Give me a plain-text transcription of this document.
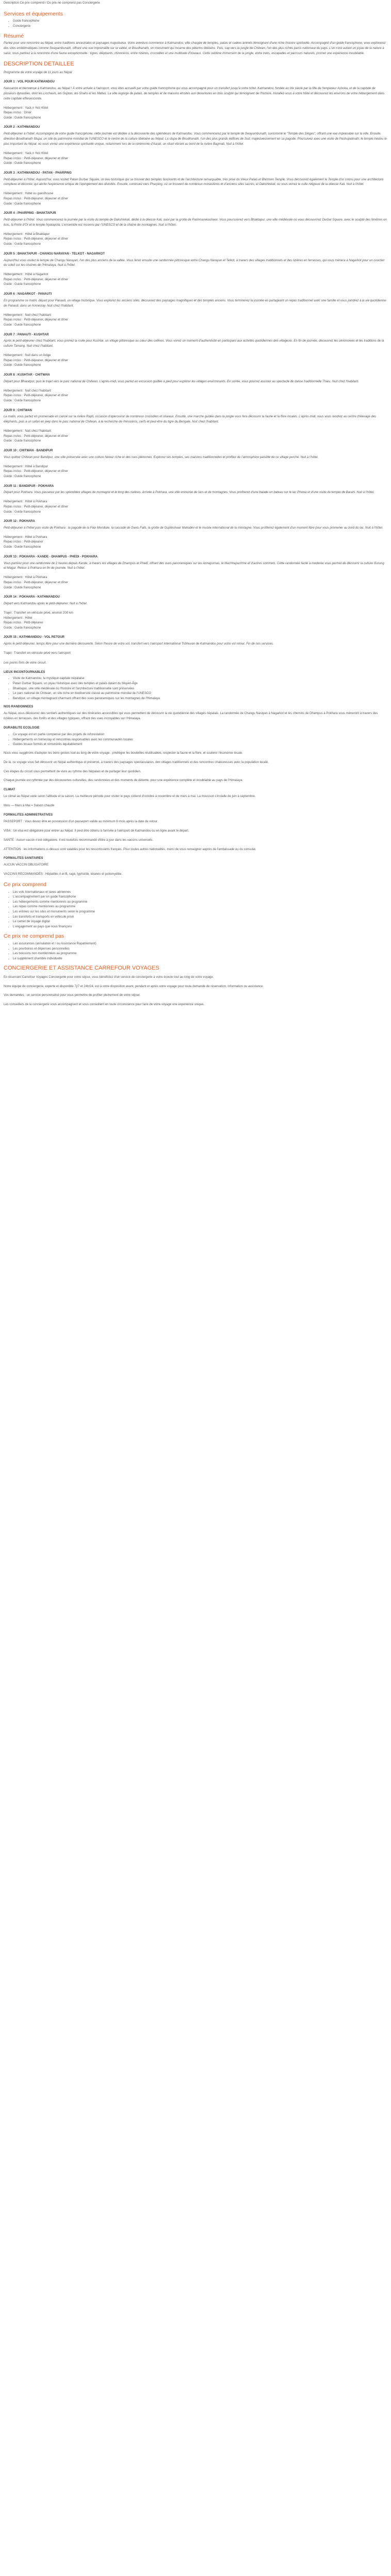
Description Ce prix comprend / Ce prix ne comprend pas Conciergerie
Services et équipements
• Guide francophone
• Conciergerie
Résumé

Partez pour une rencontre au Népal, entre traditions ancestrales et paysages majestueux. Votre aventure commence à Katmandou, ville chargée de temples, palais et cadres animés témoignant d'une riche histoire spirituelle. Accompagné d'un guide francophone, vous explorerez des sites emblématiques comme Swayambunath, offrant une vue imprenable sur la vallée, et Boudhanath, un monument qui incarne des pèlerins tibétains. Puis, cap vers la jungle de Chitwan, l'un des plus riches parcs nationaux du pays. L'un n'est autant un joyau de la nature à saisir, vous partirez à la rencontre d'une faune exceptionnelle : tigres, éléphants, rhinocéros, entre rizières, crocodiles et une multitude d'oiseaux. Cette sublime immersion de la jungle, entre treks, escapades et parcours naturels, promet une expérience inoubliable.

DESCRIPTION DETAILLEE

Programme de votre voyage de 11 jours au Népal

JOUR 1 : VOL POUR KATMANDOU

Naissance et bienvenue à Katmandou, au Népal ! À votre arrivée à l'aéroport, vous êtes accueilli par votre guide francophone qui vous accompagné pour un transfert jusqu'à votre hôtel. Katmandou, fondée au IIIe siècle par la fille de l'empereur Ashoka, et de la capitale de plusieurs dynasties, dont les Licchavis, les Guptas, les Shahs et les Mallas. La ville regorge de palais, de temples et de maisons étroites aux devantures en bois sculpté qui témoignent de l'histoire. Installez-vous à votre hôtel et découvrez les environs de votre hébergement dans cette capitale effervescente.

Hébergement : Yack n Yeti Hôtel
Repas inclus : Dîner
Guide : Guide francophone
JOUR 2 : KATHMANDOU

Petit-déjeuner à l'hôtel. Accompagné de votre guide francophone, cette journée est dédiée à la découverte des splendeurs de Katmandou. Vous commencerez par le temple de Swayambunath, surnommé le "Temple des Singes", offrant une vue imprenable sur la ville. Ensuite, direction Boudhanath Stupa, un site du patrimoine mondial de l'UNESCO et le centre de la culture tibétaine au Népal. La stupa de Boudhanath, l'un des plus grands édifices de Sud, majestueusement en sa pagode. Poursuivez avec une visite de Pashupatinath, le temple hindou le plus important du Népal, où vous vivrez une expérience spirituelle unique, notamment lors de la cérémonie d'Aarati, un rituel vibrant au bord de la rivière Bagmati. Nuit à l'hôtel.

Hébergement : Yack n Yeti Hôtel
Repas inclus : Petit-déjeuner, déjeuner et dîner
Guide : Guide francophone
JOUR 3 : KATHMANDOU - PATAN - PHARPING

Petit-déjeuner à l'hôtel. Aujourd'hui, vous visitez Patan Durbar Square, un lieu historique qui se trouvait des temples fascinants et de l'architecture remarquable, très prisé du Vieux Palais et Bhimsen Temple. Vous découvrez également le Temple d'or connu pour une architecture complexe et décorée, qui abrite l'expérience unique de l'épinglement des divinités. Ensuite, continuez vers Pharping, où se trouvent de nombreux monastères et d'anciens sites sacrés, et Dakshinkali, où vous verrez le culte religieux de la déesse Kali. Nuit à l'hôtel.

Hébergement : Hotel ou guesthouse
Repas inclus : Petit-déjeuner, déjeuner et dîner
Guide : Guide francophone
JOUR 4 : PHARPING - BHAKTAPUR

Petit-déjeuner à l'hôtel. Vous commencerez la journée par la visite du temple de Dakshinkali, dédié à la déesse Kali, suivi par la grotte de Pashmarekashwor. Vous poursuivrez vers Bhaktapur, une ville médiévale où vous découvrirez Durbar Square, avec le sculpté des fenêtres en bois, la Porte d'Or et le temple Nyatapola. L'ensemble est reconnu par l'UNESCO et de la chaîne de montagnes. Nuit à l'hôtel.

Hébergement : Hôtel à Bhaktapur
Repas inclus : Petit-déjeuner, déjeuner et dîner
Guide : Guide francophone
JOUR 5 : BHAKTAPUR - CHANGU NARAYAN - TELKOT - NAGARKOT

Aujourd'hui vous visitez le temple de Changu Narayan, l'un des plus anciens de la vallée. Vous ferez ensuite une randonnée pittoresque entre Changu Narayan et Telkot, à travers des villages traditionnels et des rizières en terrasses, qui vous mènera à Nagarkot pour un coucher du soleil sur les chaînes de l'Himalaya. Nuit à l'hôtel.

Hébergement : Hôtel à Nagarkot
Repas inclus : Petit-déjeuner, déjeuner et dîner
Guide : Guide francophone
JOUR 6 : NAGARKOT - PANAUTI

En programme ce matin, départ pour Panauti, un village historique. Vous explorez les anciens sites, découvrez des paysages magnifiques et des temples anciens. Vous terminerez la journée en partageant un repas traditionnel avec une famille et vous joindrez à la vie quotidienne de Panauti, dans un homestay. Nuit chez l'habitant.

Hébergement : Nuit chez l'habitant
Repas inclus : Petit-déjeuner, déjeuner et dîner
Guide : Guide francophone
JOUR 7 : PANAUTI - KUSHTAR

Après le petit-déjeuner chez l'habitant, vous prenez la route pour Kushtar, un village pittoresque au cœur des collines. Vous vivrez un moment d'authenticité en participant aux activités quotidiennes des villageois. En fin de journée, découvrez les cérémonies et les traditions de la culture Tamang. Nuit chez l'habitant.

Hébergement : Nuit dans un lodge
Repas inclus : Petit-déjeuner, déjeuner et dîner
Guide : Guide francophone
JOUR 8 : KUSHTAR - CHITWAN

Départ pour Bharatpur, puis le trajet vers le parc national de Chitwan. L'après-midi, vous partez en excursion guidée à pied pour explorer les villages environnants. En soirée, vous pourrez assister au spectacle de danse traditionnelle Tharu. Nuit chez l'habitant.

Hébergement : Nuit chez l'habitant
Repas inclus : Petit-déjeuner, déjeuner et dîner
Guide : Guide francophone
JOUR 9 : CHITWAN

Le matin, vous partez en promenade en canoë sur la rivière Rapti, occasion d'apercevoir de nombreux crocodiles et oiseaux. Ensuite, une marche guidée dans la jungle vous fera découvrir la faune et la flore locales. L'après-midi, vous vous rendrez au centre d'élevage des éléphants, puis à un safari en jeep dans le parc national de Chitwan, à la recherche de rhinocéros, cerfs et peut-être du tigre du Bengale. Nuit chez l'habitant.

Hébergement : Nuit chez l'habitant
Repas inclus : Petit-déjeuner, déjeuner et dîner
Guide : Guide francophone
JOUR 10 : CHITWAN - BANDIPUR

Vous quittez Chitwan pour Bandipur, une ville préservée avec une culture Newar riche et des rues piétonnes. Explorez ses temples, ses maisons traditionnelles et profitez de l'atmosphère paisible de ce village perché. Nuit à l'hôtel.

Hébergement : Hôtel à Bandipur
Repas inclus : Petit-déjeuner, déjeuner et dîner
Guide : Guide francophone
JOUR 11 : BANDIPUR - POKHARA

Départ pour Pokhara. Vous passerez par les splendides villages de montagne et le long des rivières. Arrivée à Pokhara, une ville entourée de lacs et de montagnes. Vous profiterez d'une balade en bateau sur le lac Phewa et d'une visite du temple de Barahi. Nuit à l'hôtel.

Hébergement : Hôtel à Pokhara
Repas inclus : Petit-déjeuner, déjeuner et dîner
Guide : Guide francophone
JOUR 12 : POKHARA

Petit-déjeuner à l'hôtel puis visite de Pokhara : la pagode de la Paix Mondiale, la cascade de Davis Falls, la grotte de Gupteshwar Mahadev et le musée international de la montagne. Vous profiterez également d'un moment libre pour vous promener au bord du lac. Nuit à l'hôtel.

Hébergement : Hôtel à Pokhara
Repas inclus : Petit-déjeuner
Guide : Guide francophone
JOUR 13 : POKHARA - KANDE - DHAMPUS - PHEDI - POKHARA

Vous partirez pour une randonnée de 2 heures depuis Kande, à travers les villages de Dhampus et Phedi, offrant des vues panoramiques sur les Annapurnas, le Machhapuchhre et d'autres sommets. Cette randonnée facile à modérée vous permet de découvrir la culture Gurung et Magar. Retour à Pokhara en fin de journée. Nuit à l'hôtel.

Hébergement : Hôtel à Pokhara
Repas inclus : Petit-déjeuner, déjeuner et dîner
Guide : Guide francophone
JOUR 14 : POKHARA - KATHMANDOU

Départ vers Katmandou après le petit-déjeuner. Nuit à l'hôtel.

Trajet : Transfert en véhicule privé, environ 200 km
Hébergement : Hôtel
Repas inclus : Petit-déjeuner
Guide : Guide francophone
JOUR 15 : KATHMANDOU - VOL RETOUR

Après le petit-déjeuner, temps libre pour une dernière découverte. Selon l'heure de votre vol, transfert vers l'aéroport international Tribhuvan de Katmandou pour votre vol retour. Fin de nos services.

Trajet : Transfert en véhicule privé vers l'aéroport

Les points forts de votre circuit :

LIEUX INCONTOURNABLES
• Visite de Katmandou, la mystique capitale népalaise
• Patan Durbar Square, un joyau historique avec des temples et palais datant du Moyen-Âge
• Bhaktapur, une ville médiévale où l'histoire et l'architecture traditionnelle sont préservées
• Le parc national de Chitwan, un site riche en biodiversité classé au patrimoine mondial de l'UNESCO
• Bandipur, un village montagnard charmant offrant des vues panoramiques sur les montagnes de l'Himalaya
NOS RANDONNEES

Au Népal, vous découvrez des sentiers authentiques sur des itinéraires accessibles qui vous permettent de découvrir la vie quotidienne des villages népalais. La randonnée de Changu Narayan à Nagarkot et les chemins de Dhampus à Pokhara vous mèneront à travers des rizières en terrasses, des forêts et des villages typiques, offrant des vues incroyables sur l'Himalaya.

DURABILITE ECOLOGIE
• Ce voyage est en partie compensé par des projets de reforestation
• Hébergements en homestay et rencontres responsables avec les communautés locales
• Guides locaux formés et rémunérés équitablement

Nous vous suggérons d'adopter les bons gestes tout au long de votre voyage : privilégier les bouteilles réutilisables, respecter la faune et la flore, et soutenir l'économie locale.

De là, ce voyage vous fait découvrir un Népal authentique et préservé, à travers des paysages spectaculaires, des villages traditionnels et des rencontres chaleureuses avec la population locale.

Ces étapes du circuit vous permettent de vivre au rythme des Népalais et de partager leur quotidien.

Chaque journée est rythmée par des découvertes culturelles, des randonnées et des moments de détente, pour une expérience complète et inoubliable au pays de l'Himalaya.

CLIMAT

Le climat au Népal varie selon l'altitude et la saison. La meilleure période pour visiter le pays s'étend d'octobre à novembre et de mars à mai. La mousson s'installe de juin à septembre.

Mois — Mars à Mai = Saison chaude

FORMALITES ADMINISTRATIVES

PASSEPORT : Vous devez être en possession d'un passeport valide au minimum 6 mois après la date de retour.

VISA : Un visa est obligatoire pour entrer au Népal. Il peut être obtenu à l'arrivée à l'aéroport de Katmandou ou en ligne avant le départ.

SANTÉ : Aucun vaccin n'est obligatoire. Il est toutefois recommandé d'être à jour dans les vaccins universels.

ATTENTION : les informations ci-dessus sont valables pour les ressortissants français. Pour toutes autres nationalités, merci de vous renseigner auprès de l'ambassade ou du consulat.

FORMALITES SANITAIRES

AUCUN VACCIN OBLIGATOIRE

VACCINS RECOMMANDÉS : Hépatites A et B, rage, typhoïde, tétanos et poliomyélite.

Ce prix comprend
• Les vols internationaux et taxes aériennes
• L'accompagnement par un guide francophone
• Les hébergements comme mentionnés au programme
• Les repas comme mentionnés au programme
• Les entrées sur les sites et monuments selon le programme
• Les transferts et transports en véhicule privé
• Le carnet de voyage digital
• L'engagement au pays que nous finançons
Ce prix ne comprend pas
• Les assurances (annulation et / ou Assistance Rapatriement)
• Les pourboires et dépenses personnelles
• Les boissons non mentionnées au programme
• Le supplément chambre individuelle
CONCIERGERIE ET ASSISTANCE CARREFOUR VOYAGES

En réservant Carrefour Voyages Conciergerie pour votre séjour, vous bénéficiez d'un service de conciergerie à votre écoute tout au long de votre voyage.

Notre équipe de conciergerie, experte et disponible 7j/7 et 24h/24, est à votre disposition avant, pendant et après votre voyage pour toute demande de réservation, information ou assistance.

Vos demandes : un service personnalisé pour vous permettre de profiter pleinement de votre séjour.

Les conseillers de la conciergerie vous accompagnent et vous conseillent en toute circonstance pour faire de votre voyage une expérience unique.
